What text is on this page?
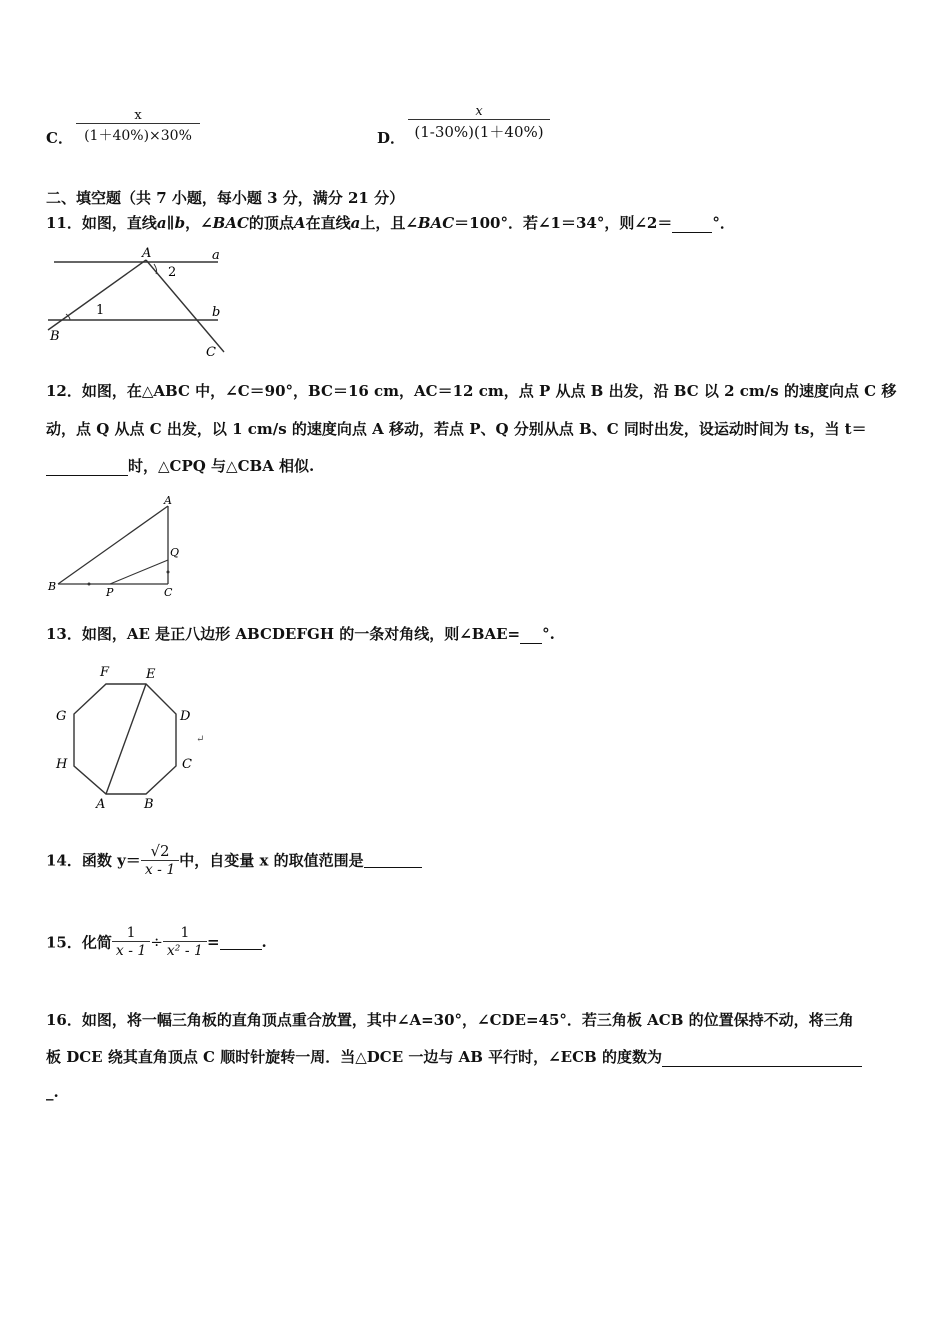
C． $\frac{x}{(1+40\%)\times 30\%}$	D． $\frac{x}{(1-30\%)(1+40\%)}$
二、填空题（共 7 小题，每小题 3 分，满分 21 分）
11．如图，直线a∥b，∠BAC的顶点A在直线a上，且∠BAC＝100°．若∠1＝34°，则∠2＝	°．
A	a
2
1	b
B
C
12．如图，在△ABC 中，∠C＝90°，BC＝16 cm，AC＝12 cm，点 P 从点 B 出发，沿 BC 以 2 cm/s 的速度向点 C 移
动，点 Q 从点 C 出发，以 1 cm/s 的速度向点 A 移动，若点 P、Q 分别从点 B、C 同时出发，设运动时间为 ts，当 t＝
时，△CPQ 与△CBA 相似.
A
Q
B	P	C
13．如图，AE 是正八边形 ABCDEFGH 的一条对角线，则∠BAE= °.
F	E
G	D
H	C
A	B
↵
14．函数 $y= \frac{√2}{x - 1}$ 中，自变量 x 的取值范围是
15．化简 $\frac{1}{x - 1} \div \frac{1}{\text{x² - 1}}$ =	.
16．如图，将一幅三角板的直角顶点重合放置，其中∠A=30°，∠CDE=45°．若三角板 ACB 的位置保持不动，将三角
板 DCE 绕其直角顶点 C 顺时针旋转一周．当△DCE 一边与 AB 平行时，∠ECB 的度数为
_.
